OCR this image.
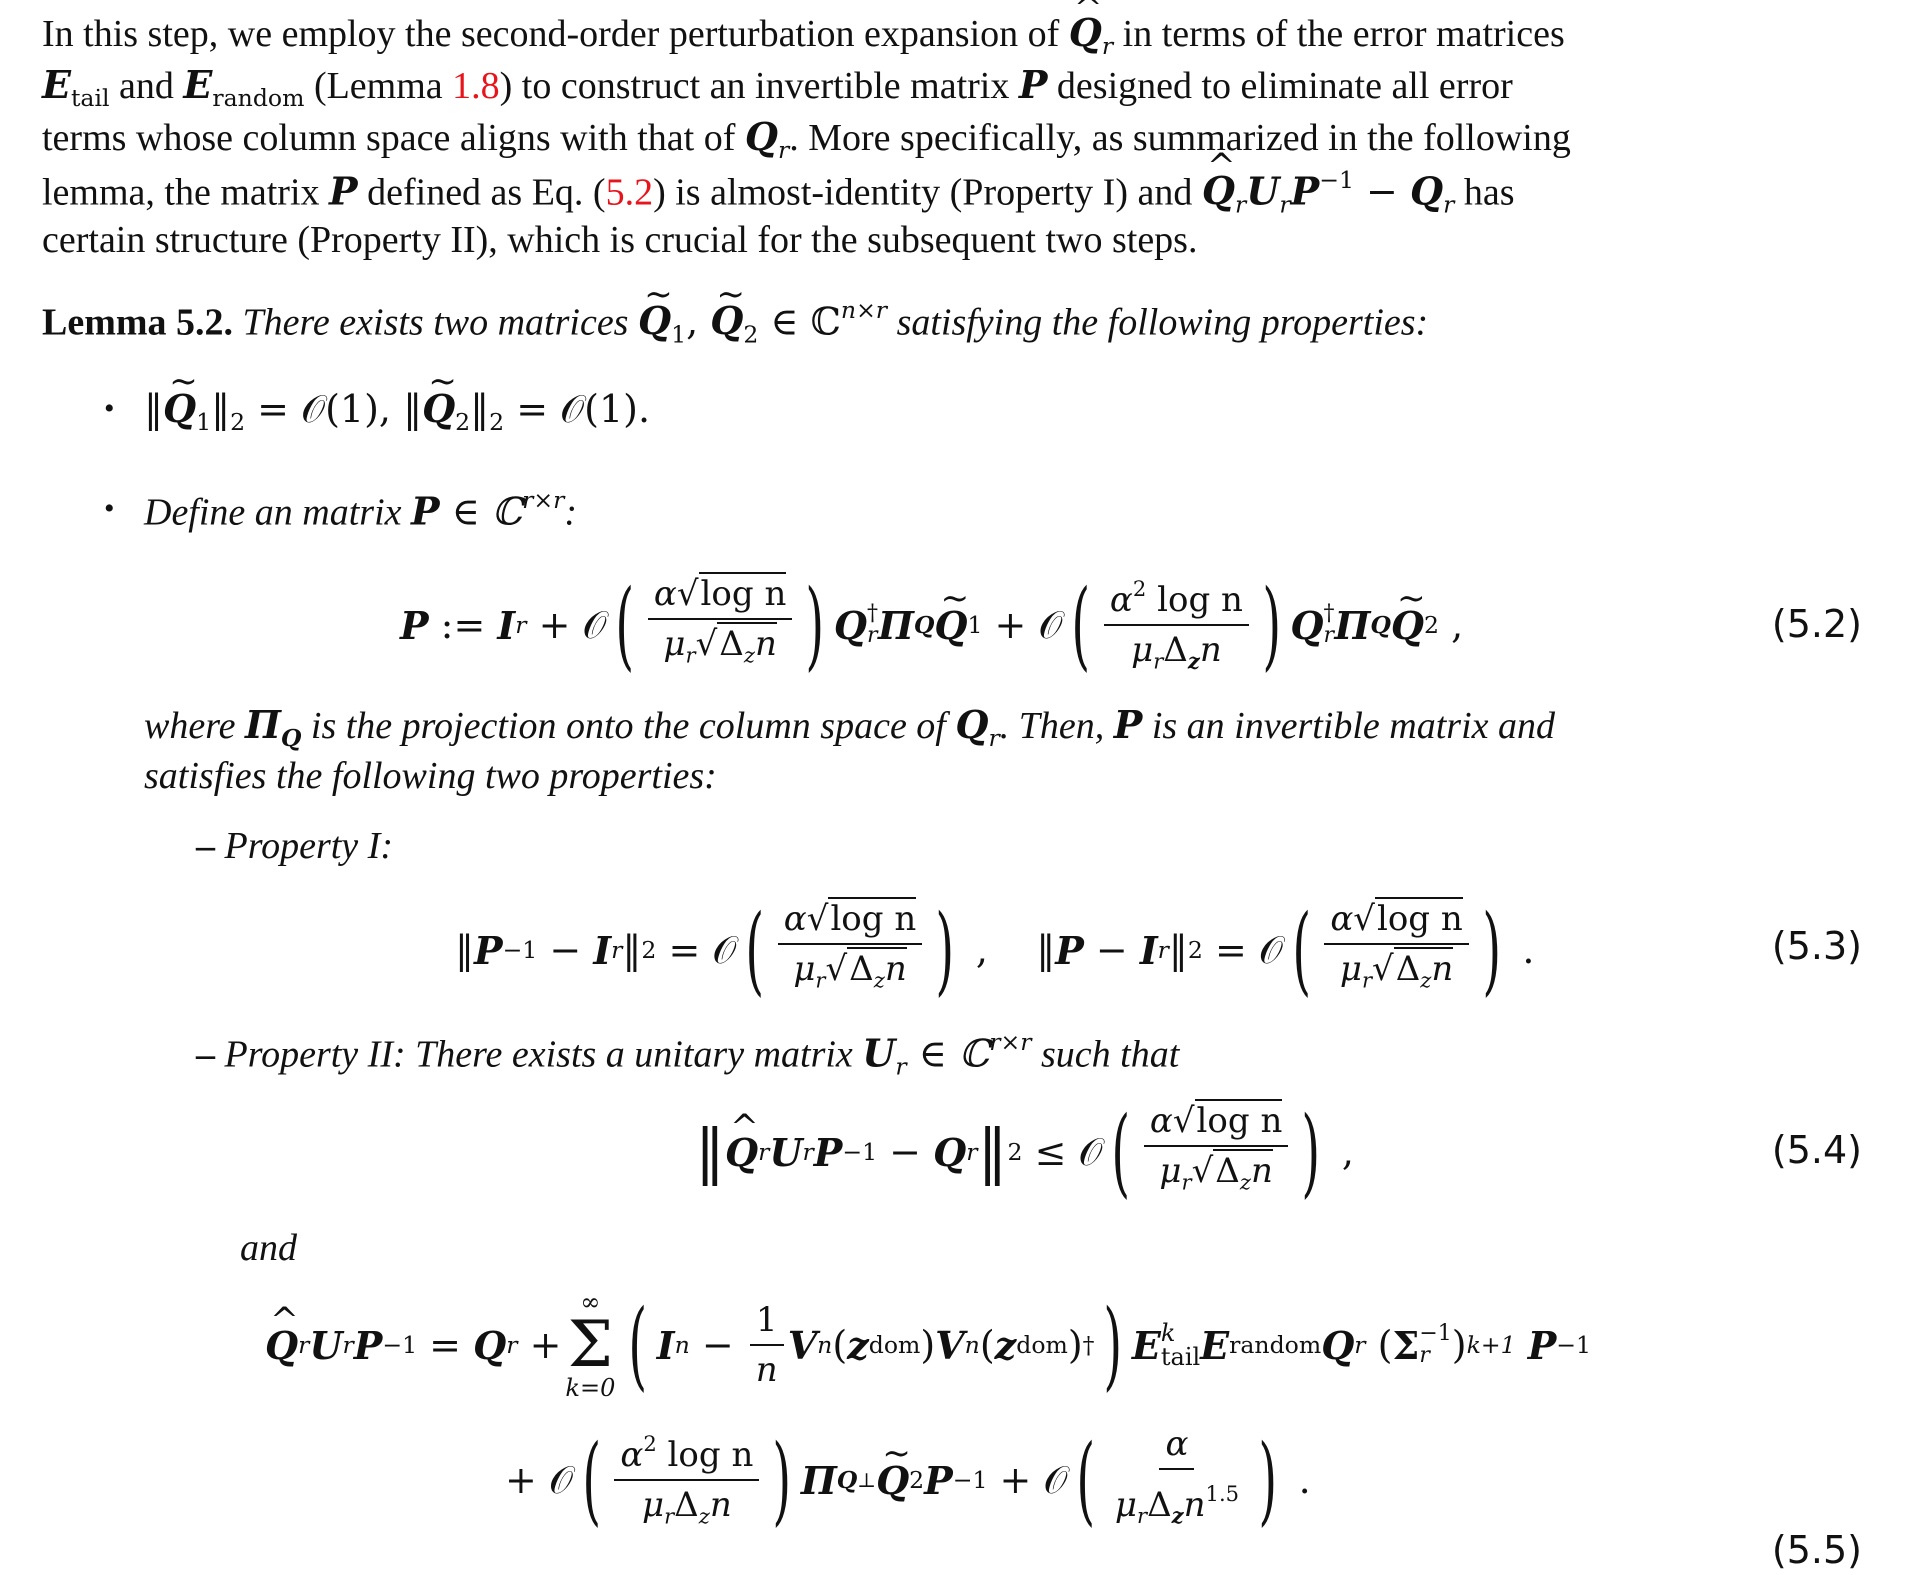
In this step, we employ the second-order perturbation expansion of ^ $Q_r$ in terms of the error matrices
$E_{tail}$ and $E_{random}$ (Lemma 1.8) to construct an invertible matrix P designed to eliminate all error
terms whose column space aligns with that of $Q_r$. More specifically, as summarized in the following
lemma, the matrix P defined as Eq. (5.2) is almost-identity (Property I) and ^ $Q_rU_rP^{-1} - Q_r$ has
certain structure (Property II), which is crucial for the subsequent two steps.
Lemma 5.2. There exists two matrices ~ $Q_1$, ~ $Q_2$ ∈ ℂ$^{n\times r}$ satisfying the following properties:
• ‖~ $Q_1‖_2$ = 𝒪(1), ‖~ $Q_2‖_2$ = 𝒪(1).
• Define an matrix P ∈ ℂ$^{r\times r}$:
P
:=
I r
+
𝒪 ( $\frac{\text{α√log n}}{\mu_r√\Delta_zn}$ ) Q †
r Π Q ~ Q 1
+
𝒪 ( $\frac{\alpha^2 \log n}{\mu_r\Delta_zn}$ ) Q †
r Π Q ~ Q 2
,	(5.2)
where $\Pi_Q$ is the projection onto the column space of $Q_r$. Then, P is an invertible matrix and
satisfies the following two properties:
– Property I:
‖ P −1
−
I r ‖ 2
=
𝒪 ( $\frac{\text{α√log n}}{\mu_r√\Delta_zn}$ )
,
‖ P
−
I r ‖ 2
=
𝒪 ( $\frac{\text{α√log n}}{\mu_r√\Delta_zn}$ )
.	(5.3)
– Property II: There exists a unitary matrix $U_r$ ∈ ℂ$^{r\times r}$ such that
‖ ^ Q r U r P −1
−
Q r ‖ 2
≤
𝒪 ( $\frac{\text{α√log n}}{\mu_r√\Delta_zn}$ )
,	(5.4)
and
^ Q r U r P −1
=
Q r
+
∞
Σ
k=0 ( I n
−
$\frac{1}{n}$ V n ( z dom ) V n ( z dom ) † ) E k
tail E random Q r ( Σ −1
r ) k+1
P −1
+
𝒪 ( $\frac{\alpha^2 \log n}{\mu_r\Delta_zn}$ ) Π Q ⊥ ~ Q 2 P −1
+
𝒪 ( $\frac{\alpha}{\mu_r\Delta_zn^{1.5}}$ )
.
(5.5)
